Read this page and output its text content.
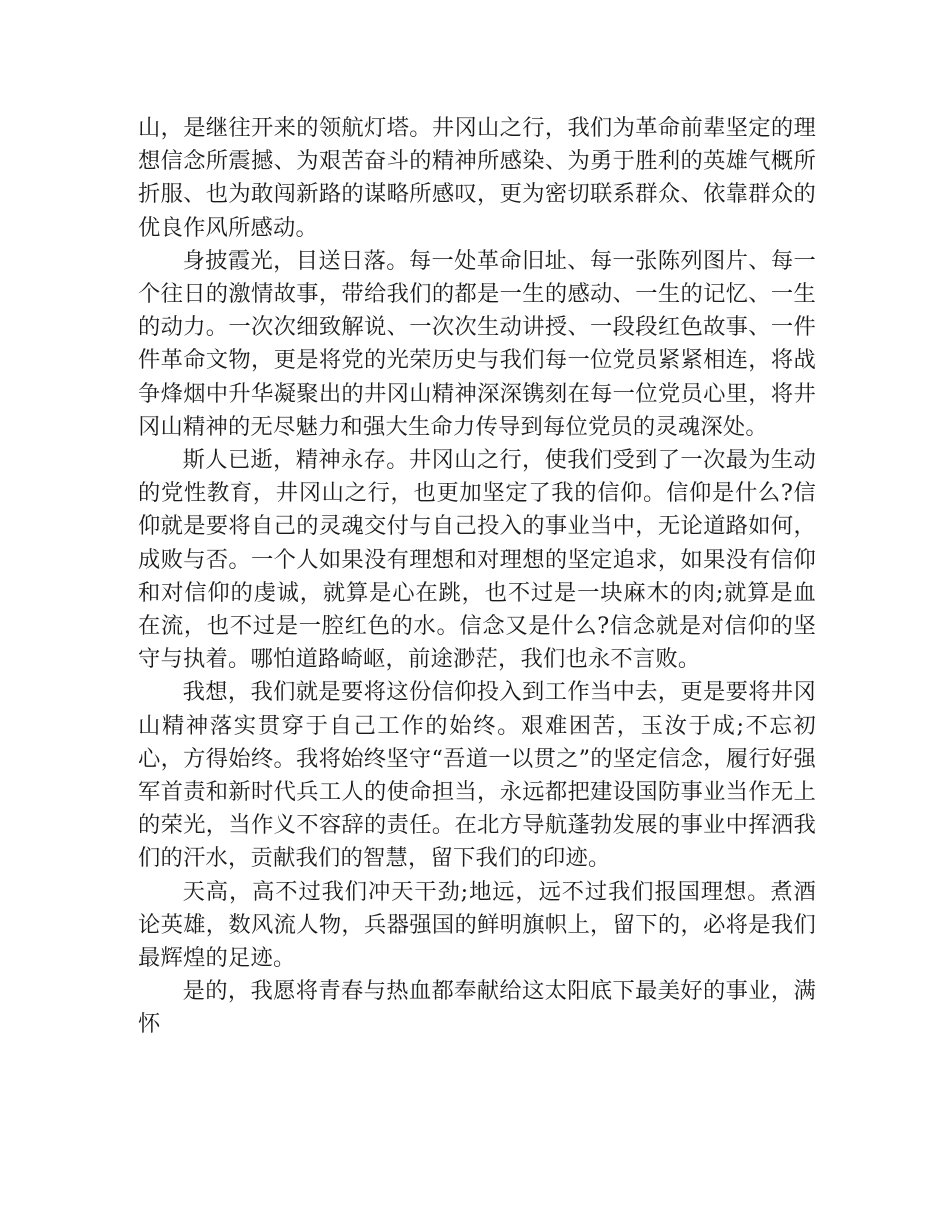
山，是继往开来的领航灯塔。井冈山之行，我们为革命前辈坚定的理想信念所震撼、为艰苦奋斗的精神所感染、为勇于胜利的英雄气概所折服、也为敢闯新路的谋略所感叹，更为密切联系群众、依靠群众的优良作风所感动。

身披霞光，目送日落。每一处革命旧址、每一张陈列图片、每一个往日的激情故事，带给我们的都是一生的感动、一生的记忆、一生的动力。一次次细致解说、一次次生动讲授、一段段红色故事、一件件革命文物，更是将党的光荣历史与我们每一位党员紧紧相连，将战争烽烟中升华凝聚出的井冈山精神深深镌刻在每一位党员心里，将井冈山精神的无尽魅力和强大生命力传导到每位党员的灵魂深处。

斯人已逝，精神永存。井冈山之行，使我们受到了一次最为生动的党性教育，井冈山之行，也更加坚定了我的信仰。信仰是什么?信仰就是要将自己的灵魂交付与自己投入的事业当中，无论道路如何，成败与否。一个人如果没有理想和对理想的坚定追求，如果没有信仰和对信仰的虔诚，就算是心在跳，也不过是一块麻木的肉;就算是血在流，也不过是一腔红色的水。信念又是什么?信念就是对信仰的坚守与执着。哪怕道路崎岖，前途渺茫，我们也永不言败。

我想，我们就是要将这份信仰投入到工作当中去，更是要将井冈山精神落实贯穿于自己工作的始终。艰难困苦，玉汝于成;不忘初心，方得始终。我将始终坚守“吾道一以贯之”的坚定信念，履行好强军首责和新时代兵工人的使命担当，永远都把建设国防事业当作无上的荣光，当作义不容辞的责任。在北方导航蓬勃发展的事业中挥洒我们的汗水，贡献我们的智慧，留下我们的印迹。

天高，高不过我们冲天干劲;地远，远不过我们报国理想。煮酒论英雄，数风流人物，兵器强国的鲜明旗帜上，留下的，必将是我们最辉煌的足迹。

是的，我愿将青春与热血都奉献给这太阳底下最美好的事业，满怀
